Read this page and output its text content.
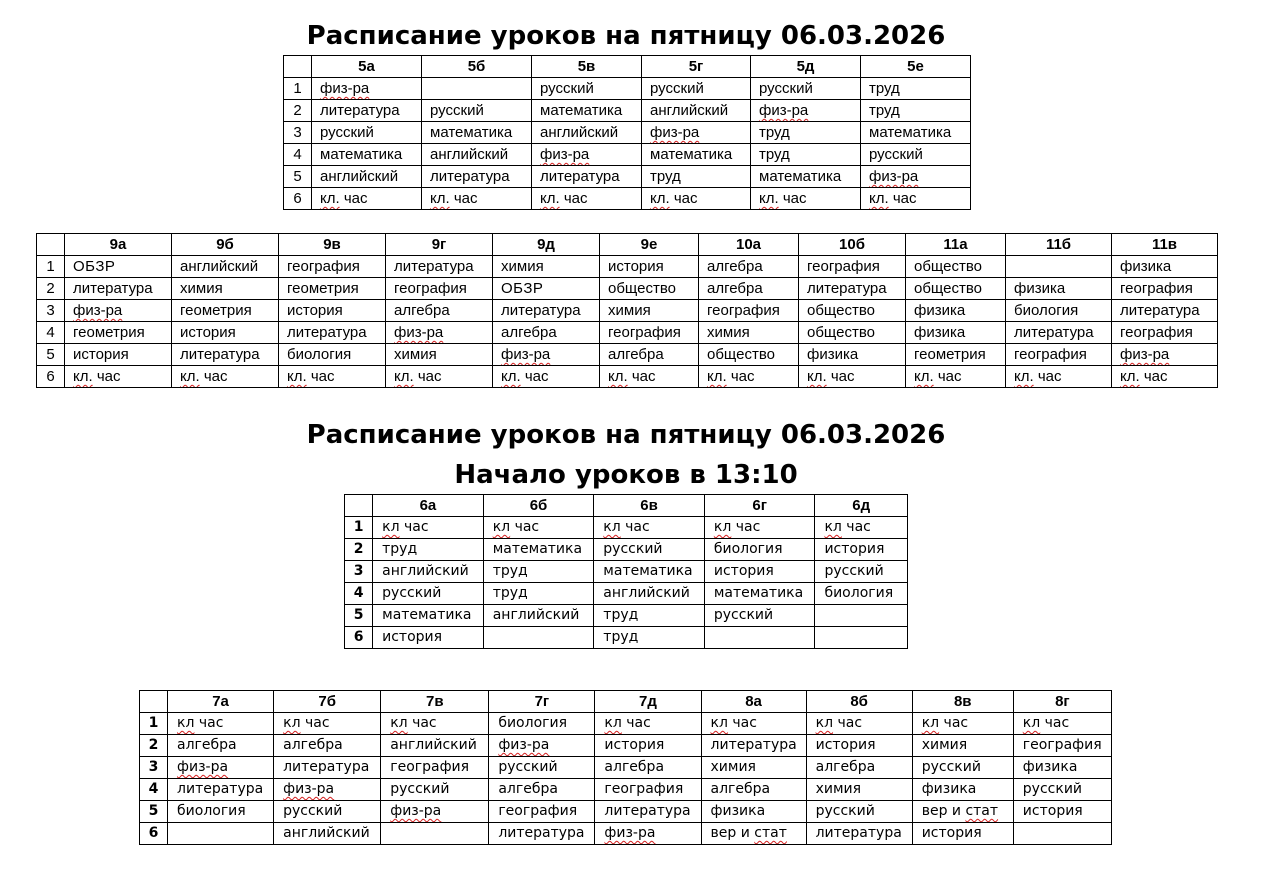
Расписание уроков на пятницу 06.03.2026
	5а	5б	5в	5г	5д	5е
1	физ-ра		русский	русский	русский	труд
2	литература	русский	математика	английский	физ-ра	труд
3	русский	математика	английский	физ-ра	труд	математика
4	математика	английский	физ-ра	математика	труд	русский
5	английский	литература	литература	труд	математика	физ-ра
6	кл. час	кл. час	кл. час	кл. час	кл. час	кл. час
	9а	9б	9в	9г	9д	9е	10а	10б	11а	11б	11в
1	ОБЗР	английский	география	литература	химия	история	алгебра	география	общество		физика
2	литература	химия	геометрия	география	ОБЗР	общество	алгебра	литература	общество	физика	география
3	физ-ра	геометрия	история	алгебра	литература	химия	география	общество	физика	биология	литература
4	геометрия	история	литература	физ-ра	алгебра	география	химия	общество	физика	литература	география
5	история	литература	биология	химия	физ-ра	алгебра	общество	физика	геометрия	география	физ-ра
6	кл. час	кл. час	кл. час	кл. час	кл. час	кл. час	кл. час	кл. час	кл. час	кл. час	кл. час
Расписание уроков на пятницу 06.03.2026
Начало уроков в 13:10
	6а	6б	6в	6г	6д
1	кл час	кл час	кл час	кл час	кл час
2	труд	математика	русский	биология	история
3	английский	труд	математика	история	русский
4	русский	труд	английский	математика	биология
5	математика	английский	труд	русский	
6	история		труд		
	7а	7б	7в	7г	7д	8а	8б	8в	8г
1	кл час	кл час	кл час	биология	кл час	кл час	кл час	кл час	кл час
2	алгебра	алгебра	английский	физ-ра	история	литература	история	химия	география
3	физ-ра	литература	география	русский	алгебра	химия	алгебра	русский	физика
4	литература	физ-ра	русский	алгебра	география	алгебра	химия	физика	русский
5	биология	русский	физ-ра	география	литература	физика	русский	вер и стат	история
6		английский		литература	физ-ра	вер и стат	литература	история	
